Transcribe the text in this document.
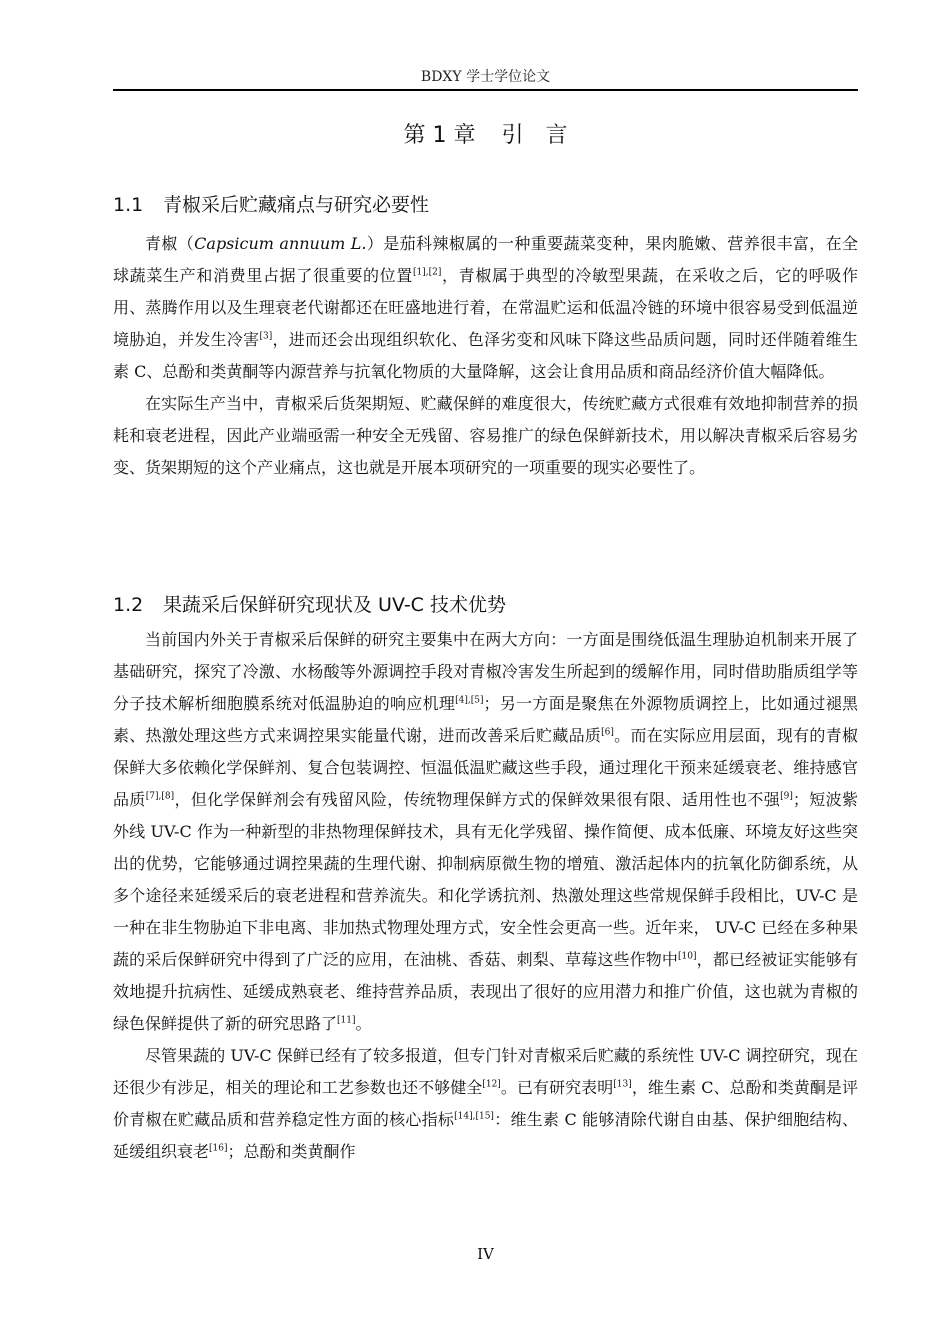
BDXY 学士学位论文
第 1 章 引 言
1.1 青椒采后贮藏痛点与研究必要性

青椒（Capsicum annuum L.）是茄科辣椒属的一种重要蔬菜变种，果肉脆嫩、营养很丰富，在全球蔬菜生产和消费里占据了很重要的位置[1],[2]，青椒属于典型的冷敏型果蔬，在采收之后，它的呼吸作用、蒸腾作用以及生理衰老代谢都还在旺盛地进行着，在常温贮运和低温冷链的环境中很容易受到低温逆境胁迫，并发生冷害[3]，进而还会出现组织软化、色泽劣变和风味下降这些品质问题，同时还伴随着维生素 C、总酚和类黄酮等内源营养与抗氧化物质的大量降解，这会让食用品质和商品经济价值大幅降低。

在实际生产当中，青椒采后货架期短、贮藏保鲜的难度很大，传统贮藏方式很难有效地抑制营养的损耗和衰老进程，因此产业端亟需一种安全无残留、容易推广的绿色保鲜新技术，用以解决青椒采后容易劣变、货架期短的这个产业痛点，这也就是开展本项研究的一项重要的现实必要性了。

1.2 果蔬采后保鲜研究现状及 UV-C 技术优势

当前国内外关于青椒采后保鲜的研究主要集中在两大方向：一方面是围绕低温生理胁迫机制来开展了基础研究，探究了冷激、水杨酸等外源调控手段对青椒冷害发生所起到的缓解作用，同时借助脂质组学等分子技术解析细胞膜系统对低温胁迫的响应机理[4],[5]；另一方面是聚焦在外源物质调控上，比如通过褪黑素、热激处理这些方式来调控果实能量代谢，进而改善采后贮藏品质[6]。而在实际应用层面，现有的青椒保鲜大多依赖化学保鲜剂、复合包装调控、恒温低温贮藏这些手段，通过理化干预来延缓衰老、维持感官品质[7],[8]，但化学保鲜剂会有残留风险，传统物理保鲜方式的保鲜效果很有限、适用性也不强[9]；短波紫外线 UV-C 作为一种新型的非热物理保鲜技术，具有无化学残留、操作简便、成本低廉、环境友好这些突出的优势，它能够通过调控果蔬的生理代谢、抑制病原微生物的增殖、激活起体内的抗氧化防御系统，从多个途径来延缓采后的衰老进程和营养流失。和化学诱抗剂、热激处理这些常规保鲜手段相比，UV-C 是一种在非生物胁迫下非电离、非加热式物理处理方式，安全性会更高一些。近年来， UV-C 已经在多种果蔬的采后保鲜研究中得到了广泛的应用，在油桃、香菇、刺梨、草莓这些作物中[10]，都已经被证实能够有效地提升抗病性、延缓成熟衰老、维持营养品质，表现出了很好的应用潜力和推广价值，这也就为青椒的绿色保鲜提供了新的研究思路了[11]。

尽管果蔬的 UV-C 保鲜已经有了较多报道，但专门针对青椒采后贮藏的系统性 UV-C 调控研究，现在还很少有涉足，相关的理论和工艺参数也还不够健全[12]。已有研究表明[13]，维生素 C、总酚和类黄酮是评价青椒在贮藏品质和营养稳定性方面的核心指标[14],[15]：维生素 C 能够清除代谢自由基、保护细胞结构、延缓组织衰老[16]；总酚和类黄酮作

IV
